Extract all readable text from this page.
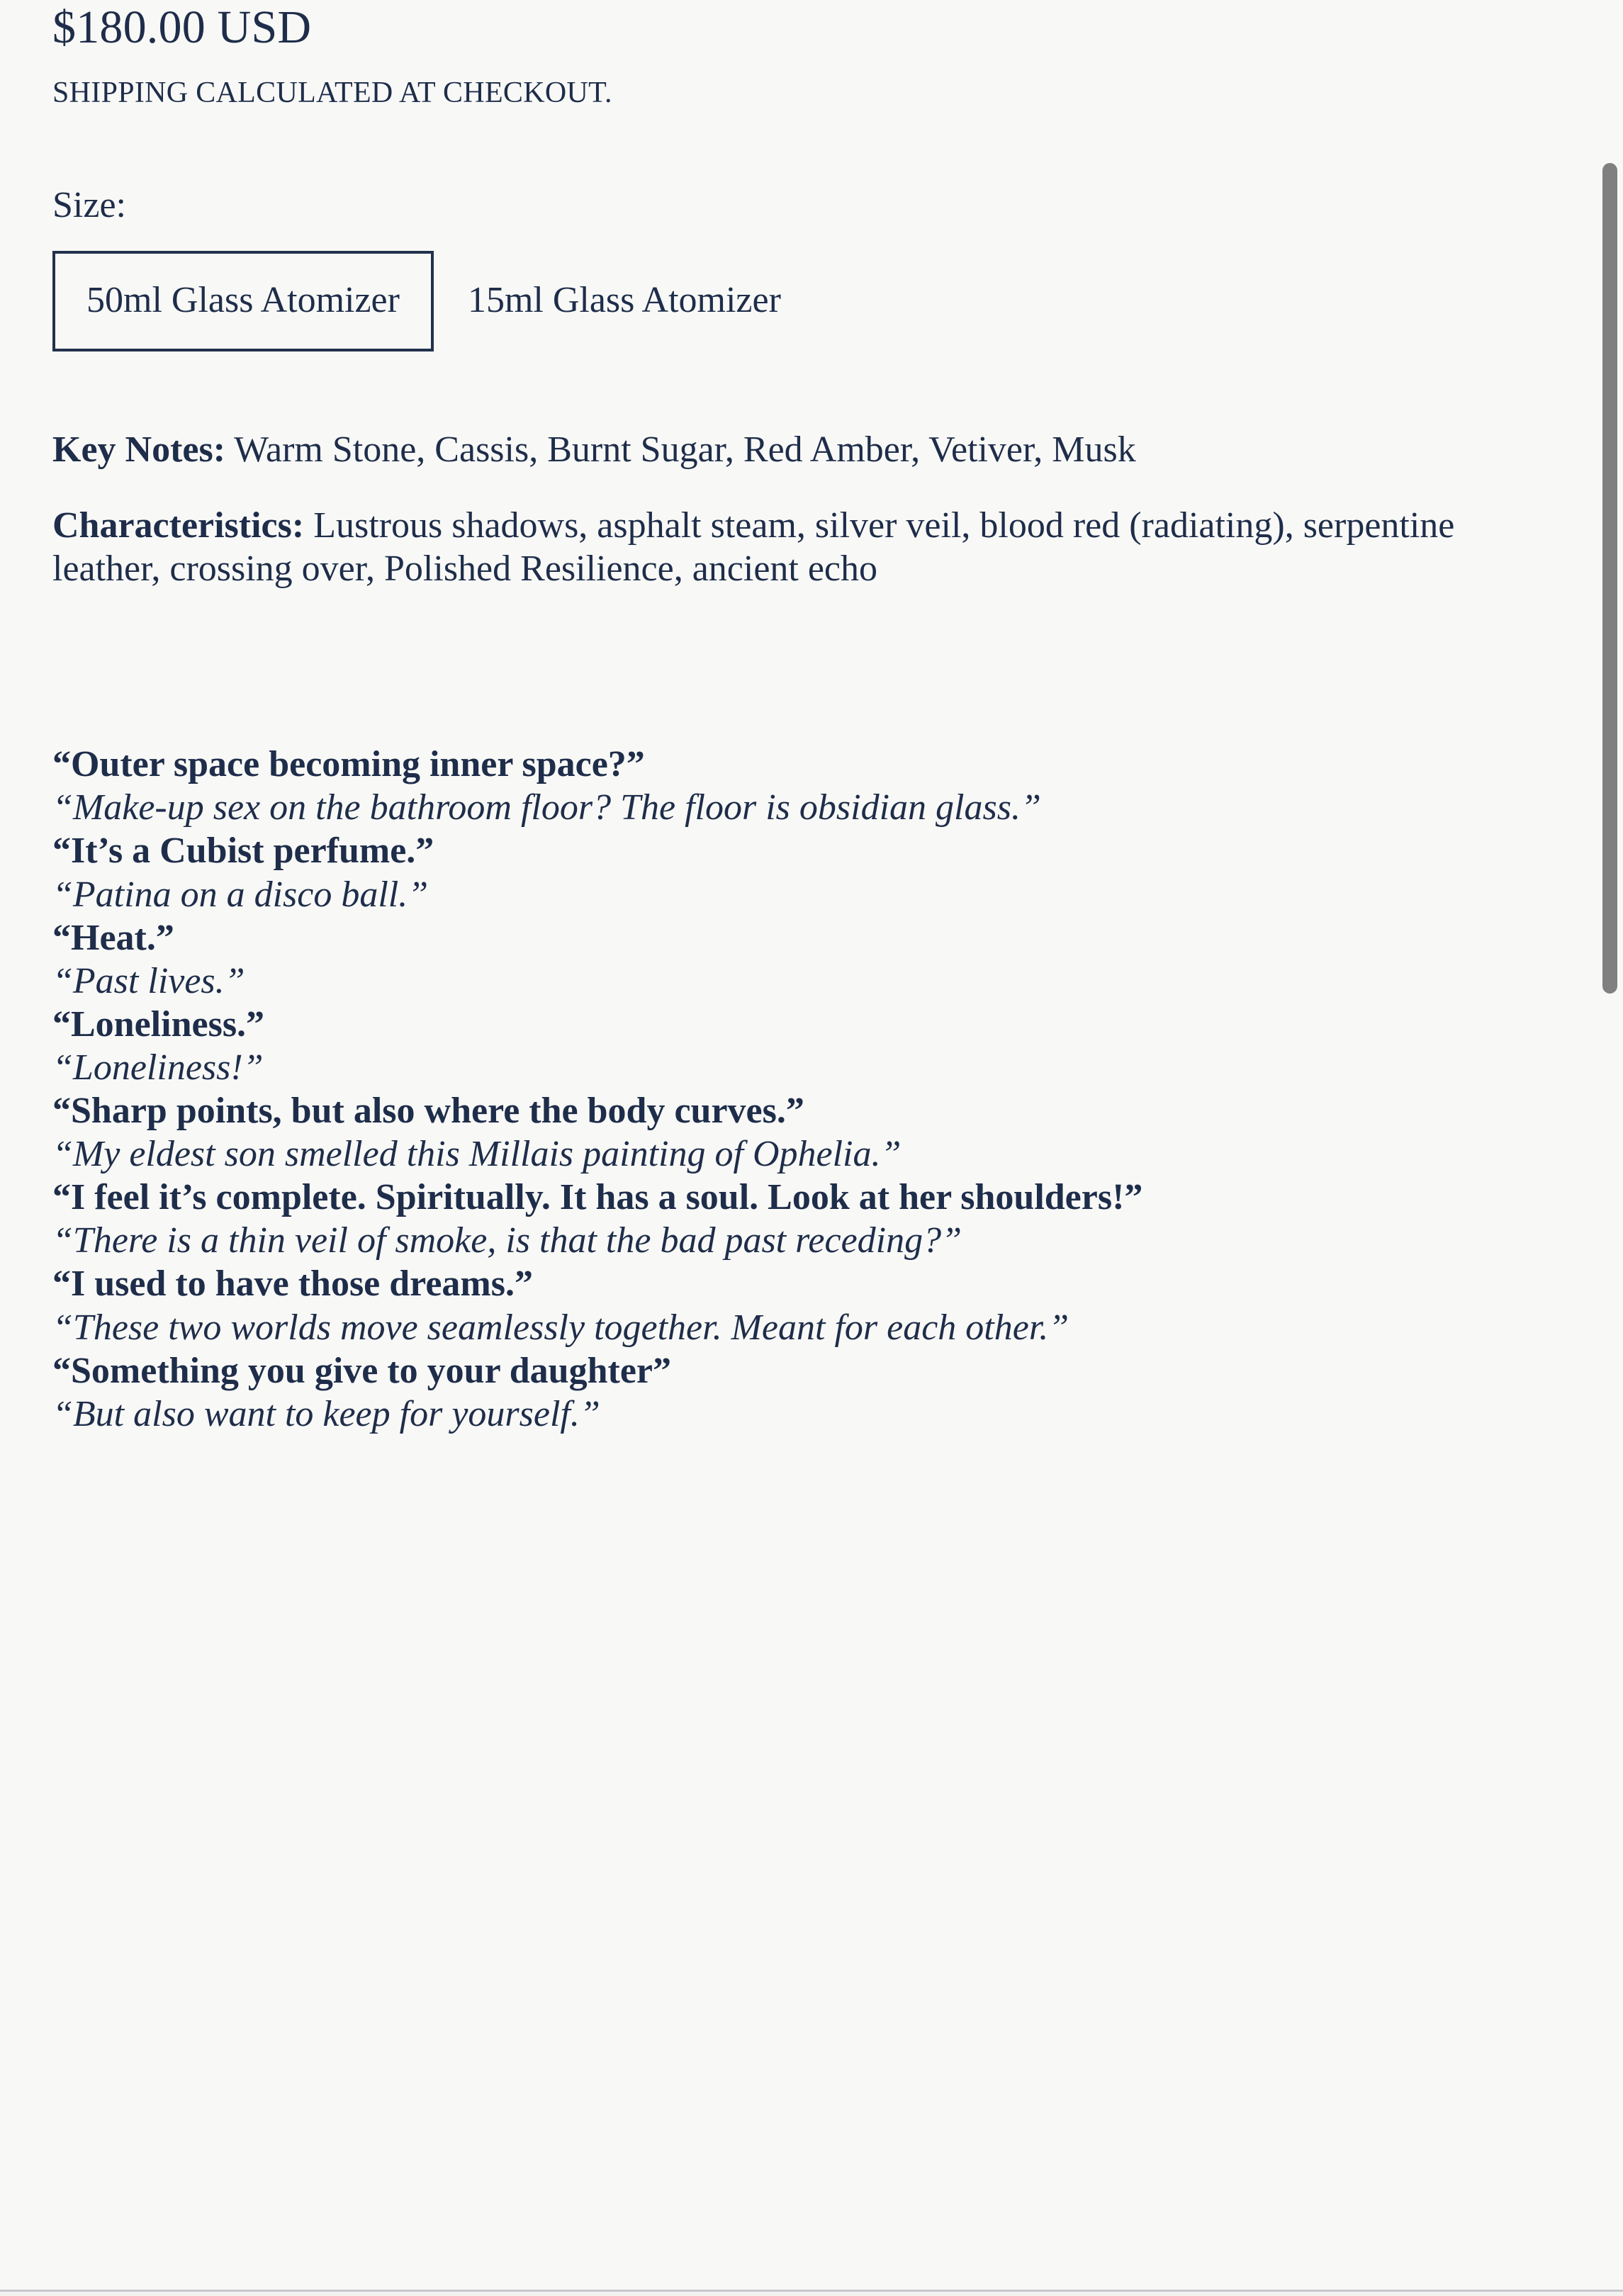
$180.00 USD
SHIPPING CALCULATED AT CHECKOUT.
Size:
50ml Glass Atomizer 15ml Glass Atomizer

Key Notes: Warm Stone, Cassis, Burnt Sugar, Red Amber, Vetiver, Musk

Characteristics: Lustrous shadows, asphalt steam, silver veil, blood red (radiating), serpentine leather, crossing over, Polished Resilience, ancient echo

“Outer space becoming inner space?”

“Make-up sex on the bathroom floor? The floor is obsidian glass.”

“It’s a Cubist perfume.”

“Patina on a disco ball.”

“Heat.”

“Past lives.”

“Loneliness.”

“Loneliness!”

“Sharp points, but also where the body curves.”

“My eldest son smelled this Millais painting of Ophelia.”

“I feel it’s complete. Spiritually. It has a soul. Look at her shoulders!”

“There is a thin veil of smoke, is that the bad past receding?”

“I used to have those dreams.”

“These two worlds move seamlessly together. Meant for each other.”

“Something you give to your daughter”

“But also want to keep for yourself.”
